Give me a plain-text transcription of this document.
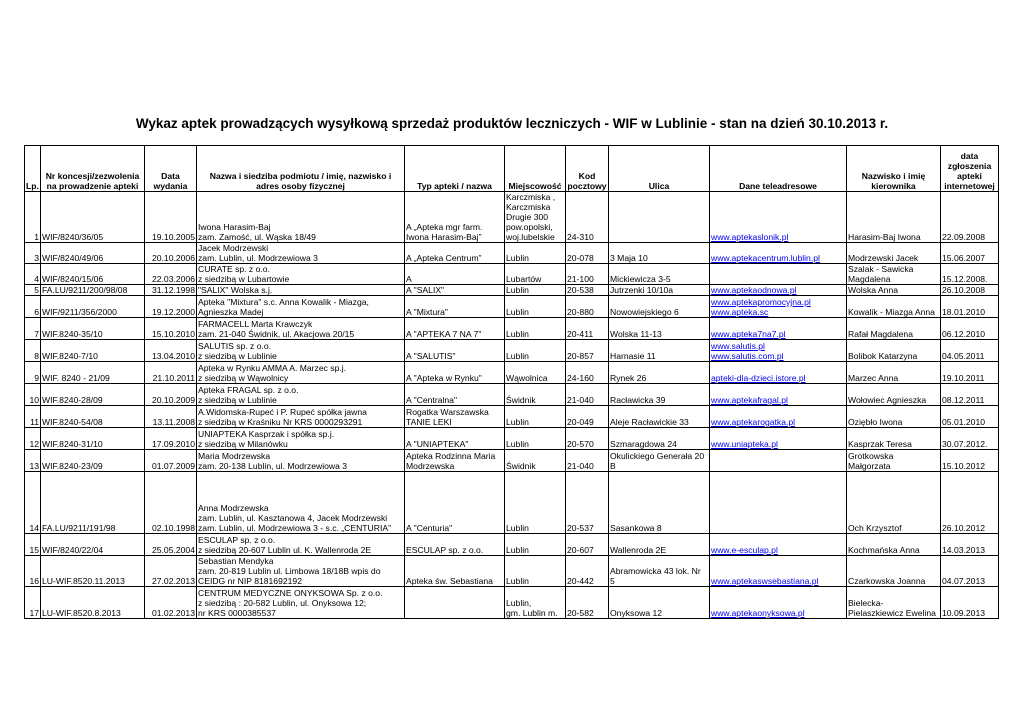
Wykaz aptek prowadzących wysyłkową sprzedaż produktów leczniczych - WIF w Lublinie - stan na dzień 30.10.2013 r.
Lp.	Nr koncesji/zezwolenia
na prowadzenie apteki	Data
wydania	Nazwa i siedziba podmiotu / imię, nazwisko i
adres osoby fizycznej	Typ apteki / nazwa	Miejscowość	Kod
pocztowy	Ulica	Dane teleadresowe	Nazwisko i imię
kierownika	data
zgłoszenia
apteki
internetowej

1	WIF/8240/36/05	19.10.2005	Iwona Harasim-Baj
zam. Zamość, ul. Wąska 18/49	A „Apteka mgr farm.
Iwona Harasim-Baj”	Karczmiska ,
Karczmiska
Drugie 300
pow.opolski,
woj.lubelskie	24-310		www.aptekaslonik.pl	Harasim-Baj Iwona	22.09.2008
3	WIF/8240/49/06	20.10.2006	Jacek Modrzewski
zam. Lublin, ul. Modrzewiowa 3	A „Apteka Centrum”	Lublin	20-078	3 Maja 10	www.aptekacentrum.lublin.pl	Modrzewski Jacek	15.06.2007
4	WIF/8240/15/06	22.03.2006	CURATE sp. z o.o.
z siedzibą w Lubartowie	A	Lubartów	21-100	Mickiewicza 3-5		Szalak - Sawicka
Magdalena	15.12.2008.
5	FA.LU/9211/200/98/08	31.12.1998	"SALIX" Wolska s.j.	A "SALIX"	Lublin	20-538	Jutrzenki 10/10a	www.aptekaodnowa.pl	Wolska Anna	26.10.2008
6	WIF/9211/356/2000	19.12.2000	Apteka "Mixtura" s.c. Anna Kowalik - Miazga,
Agnieszka Madej	A "Mixtura"	Lublin	20-880	Nowowiejskiego 6	www.aptekapromocyjna.pl
www.apteka.sc	Kowalik - Miazga Anna	18.01.2010
7	WIF.8240-35/10	15.10.2010	FARMACELL Marta Krawczyk
zam. 21-040 Świdnik, ul. Akacjowa 20/15	A "APTEKA 7 NA 7"	Lublin	20-411	Wolska 11-13	www.apteka7na7.pl	Rafał Magdalena	06.12.2010
8	WIF.8240-7/10	13.04.2010	SALUTIS sp. z o.o.
z siedzibą w Lublinie	A "SALUTIS"	Lublin	20-857	Harnasie 11	www.salutis.pl
www.salutis.com.pl	Bolibok Katarzyna	04.05.2011
9	WIF. 8240 - 21/09	21.10.2011	Apteka w Rynku AMMA A. Marzec sp.j.
z siedzibą w Wąwolnicy	A "Apteka w Rynku"	Wąwolnica	24-160	Rynek 26	apteki-dla-dzieci.istore.pl	Marzec Anna	19.10.2011
10	WIF.8240-28/09	20.10.2009	Apteka FRAGAL sp. z o.o.
z siedzibą w Lublinie	A "Centralna"	Świdnik	21-040	Racławicka 39	www.aptekafragal.pl	Wołowiec Agnieszka	08.12.2011
11	WIF.8240-54/08	13.11.2008	A.Widomska-Rupeć i P. Rupeć spółka jawna
z siedzibą w Kraśniku Nr KRS 0000293291	Rogatka Warszawska
TANIE LEKI	Lublin	20-049	Aleje Racławickie 33	www.aptekarogatka.pl	Oziębło Iwona	05.01.2010
12	WIF.8240-31/10	17.09.2010	UNIAPTEKA Kasprzak i spółka sp.j.
z siedzibą w Milanówku	A "UNIAPTEKA"	Lublin	20-570	Szmaragdowa 24	www.uniapteka.pl	Kasprzak Teresa	30.07.2012.
13	WIF.8240-23/09	01.07.2009	Maria Modrzewska
zam. 20-138 Lublin, ul. Modrzewiowa 3	Apteka Rodzinna Maria
Modrzewska	Świdnik	21-040	Okulickiego Generała 20
B		Grotkowska
Małgorzata	15.10.2012
14	FA.LU/9211/191/98	02.10.1998	Anna Modrzewska
zam. Lublin, ul. Kasztanowa 4, Jacek Modrzewski
zam. Lublin, ul. Modrzewiowa 3 - s.c. „CENTURIA”	A "Centuria"	Lublin	20-537	Sasankowa 8		Och Krzysztof	26.10.2012
15	WIF/8240/22/04	25.05.2004	ESCULAP sp. z o.o.
z siedzibą 20-607 Lublin ul. K. Wallenroda 2E	ESCULAP sp. z o.o.	Lublin	20-607	Wallenroda 2E	www.e-esculap.pl	Kochmańska Anna	14.03.2013
16	LU-WIF.8520.11.2013	27.02.2013	Sebastian Mendyka
zam. 20-819 Lublin ul. Limbowa 18/18B wpis do
CEIDG nr NIP 8181692192	Apteka św. Sebastiana	Lublin	20-442	Abramowicka 43 lok. Nr
5	www.aptekaswsebastiana.pl	Czarkowska Joanna	04.07.2013
17	LU-WIF.8520.8.2013	01.02.2013	CENTRUM MEDYCZNE ONYKSOWA Sp. z o.o.
z siedzibą : 20-582 Lublin, ul. Onyksowa 12;
nr KRS 0000385537		Lublin,
gm. Lublin m.	20-582	Onyksowa 12	www.aptekaonyksowa.pl	Bielecka-
Pielaszkiewicz Ewelina	10.09.2013
